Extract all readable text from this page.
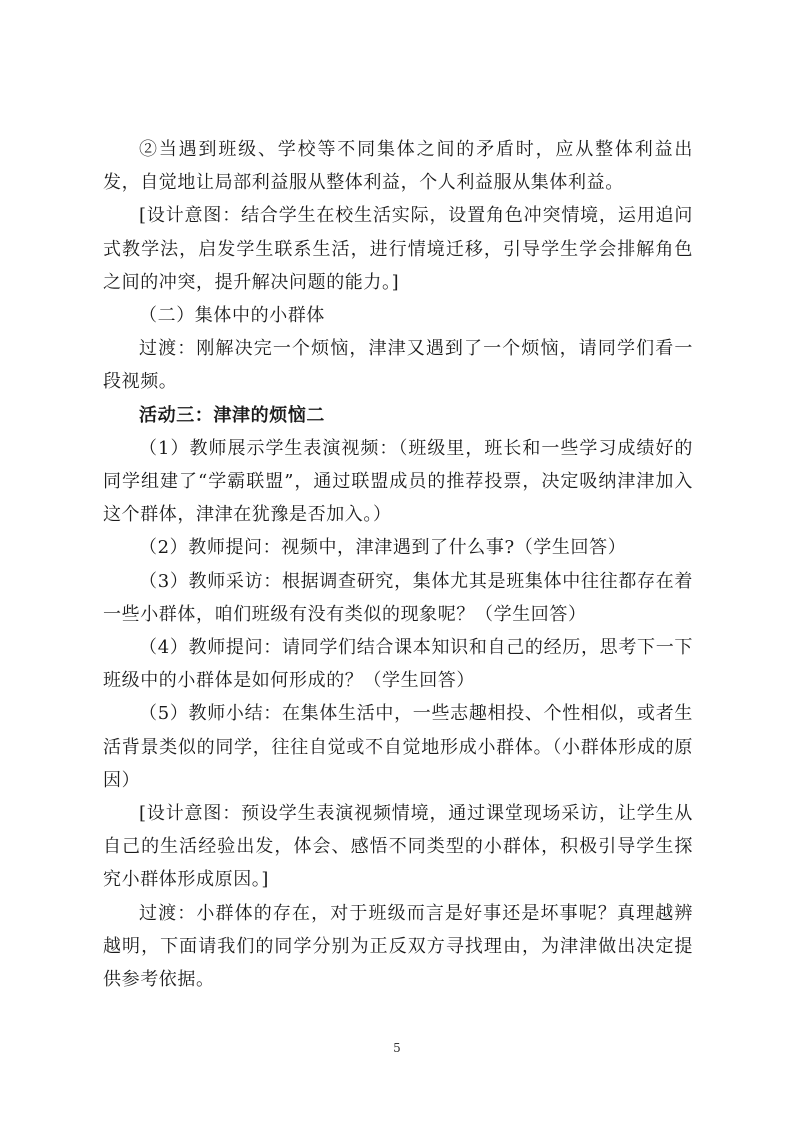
②当遇到班级、学校等不同集体之间的矛盾时，应从整体利益出发，自觉地让局部利益服从整体利益，个人利益服从集体利益。

[设计意图：结合学生在校生活实际，设置角色冲突情境，运用追问式教学法，启发学生联系生活，进行情境迁移，引导学生学会排解角色之间的冲突，提升解决问题的能力。]

（二）集体中的小群体

过渡：刚解决完一个烦恼，津津又遇到了一个烦恼，请同学们看一段视频。

活动三：津津的烦恼二

（1）教师展示学生表演视频：（班级里，班长和一些学习成绩好的同学组建了“学霸联盟”，通过联盟成员的推荐投票，决定吸纳津津加入这个群体，津津在犹豫是否加入。）

（2）教师提问：视频中，津津遇到了什么事?（学生回答）

（3）教师采访：根据调查研究，集体尤其是班集体中往往都存在着一些小群体，咱们班级有没有类似的现象呢？（学生回答）

（4）教师提问：请同学们结合课本知识和自己的经历，思考下一下班级中的小群体是如何形成的？（学生回答）

（5）教师小结：在集体生活中，一些志趣相投、个性相似，或者生活背景类似的同学，往往自觉或不自觉地形成小群体。（小群体形成的原因）

[设计意图：预设学生表演视频情境，通过课堂现场采访，让学生从自己的生活经验出发，体会、感悟不同类型的小群体，积极引导学生探究小群体形成原因。]

过渡：小群体的存在，对于班级而言是好事还是坏事呢？真理越辨越明，下面请我们的同学分别为正反双方寻找理由，为津津做出决定提供参考依据。

5
